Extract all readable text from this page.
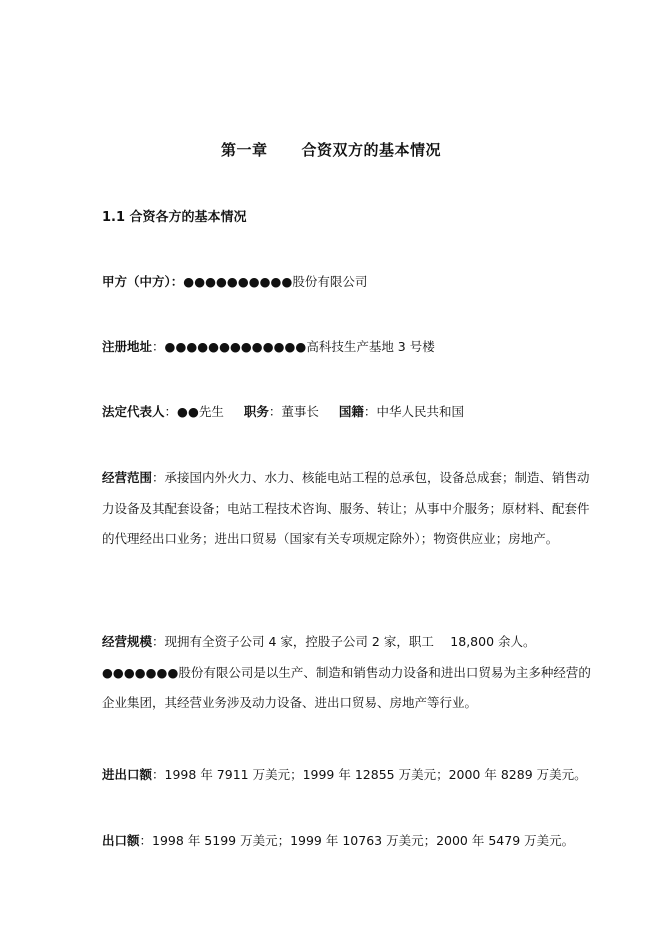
第一章 合资双方的基本情况
1.1 合资各方的基本情况

甲方（中方）：●●●●●●●●●●股份有限公司

注册地址：●●●●●●●●●●●●●高科技生产基地 3 号楼

法定代表人：●●先生 职务：董事长 国籍：中华人民共和国

经营范围：承接国内外火力、水力、核能电站工程的总承包，设备总成套；制造、销售动力设备及其配套设备；电站工程技术咨询、服务、转让；从事中介服务；原材料、配套件的代理经出口业务；进出口贸易（国家有关专项规定除外）；物资供应业；房地产。

经营规模：现拥有全资子公司 4 家，控股子公司 2 家，职工　 18,800 余人。●●●●●●●股份有限公司是以生产、制造和销售动力设备和进出口贸易为主多种经营的企业集团，其经营业务涉及动力设备、进出口贸易、房地产等行业。

进出口额：1998 年 7911 万美元；1999 年 12855 万美元；2000 年 8289 万美元。

出口额：1998 年 5199 万美元；1999 年 10763 万美元；2000 年 5479 万美元。
